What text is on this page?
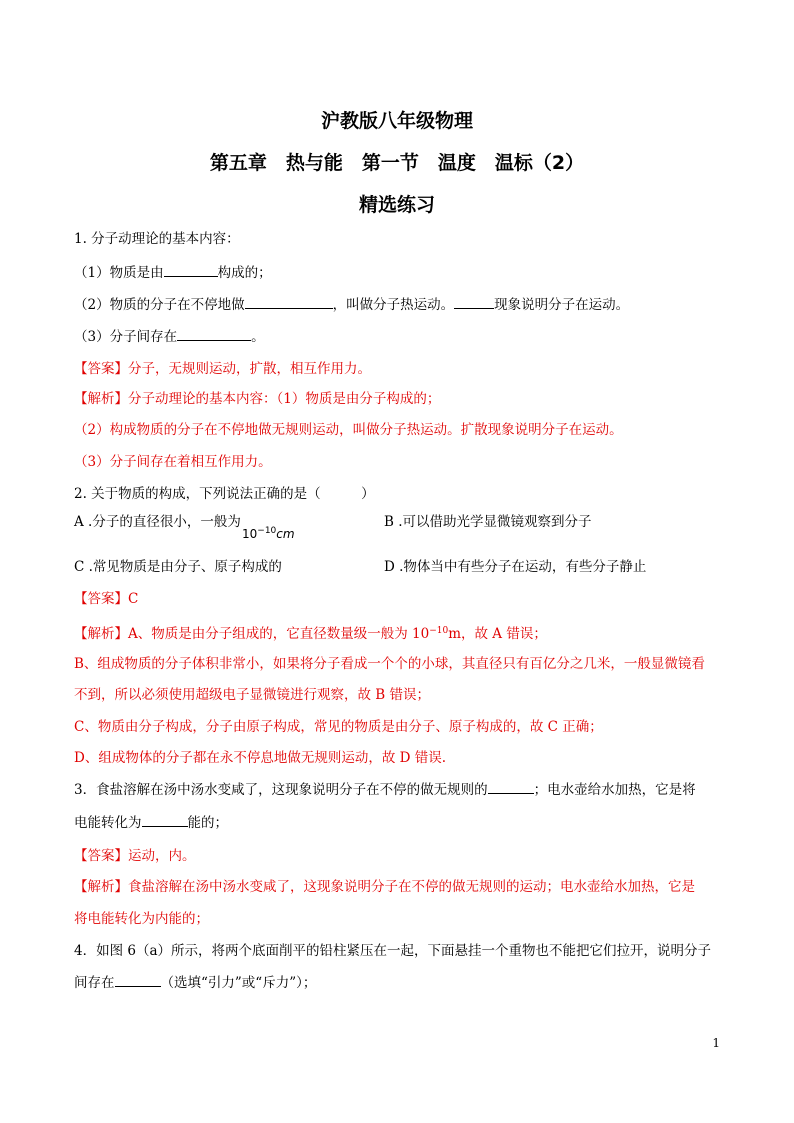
沪教版八年级物理
第五章　热与能　第一节　温度　温标（2）
精选练习
1. 分子动理论的基本内容：
（1）物质是由	构成的；
（2）物质的分子在不停地做	，叫做分子热运动。	现象说明分子在运动。
（3）分子间存在	。
【答案】分子，无规则运动，扩散，相互作用力。
【解析】分子动理论的基本内容：（1）物质是由分子构成的；
（2）构成物质的分子在不停地做无规则运动，叫做分子热运动。扩散现象说明分子在运动。
（3）分子间存在着相互作用力。
2. 关于物质的构成，下列说法正确的是（　　　）
A .分子的直径很小，一般为
$10^{-10}cm$
B .可以借助光学显微镜观察到分子
C .常见物质是由分子、原子构成的	D .物体当中有些分子在运动，有些分子静止
【答案】C
【解析】A、物质是由分子组成的，它直径数量级一般为 $10^{-10}m$，故 A 错误；
B、组成物质的分子体积非常小，如果将分子看成一个个的小球，其直径只有百亿分之几米，一般显微镜看
不到，所以必须使用超级电子显微镜进行观察，故 B 错误；
C、物质由分子构成，分子由原子构成，常见的物质是由分子、原子构成的，故 C 正确；
D、组成物体的分子都在永不停息地做无规则运动，故 D 错误.
3．食盐溶解在汤中汤水变咸了，这现象说明分子在不停的做无规则的	；电水壶给水加热，它是将
电能转化为	能的；
【答案】运动，内。
【解析】食盐溶解在汤中汤水变咸了，这现象说明分子在不停的做无规则的运动；电水壶给水加热，它是
将电能转化为内能的；
4．如图 6（a）所示，将两个底面削平的铅柱紧压在一起，下面悬挂一个重物也不能把它们拉开，说明分子
间存在	（选填“引力”或“斥力”）；
1
